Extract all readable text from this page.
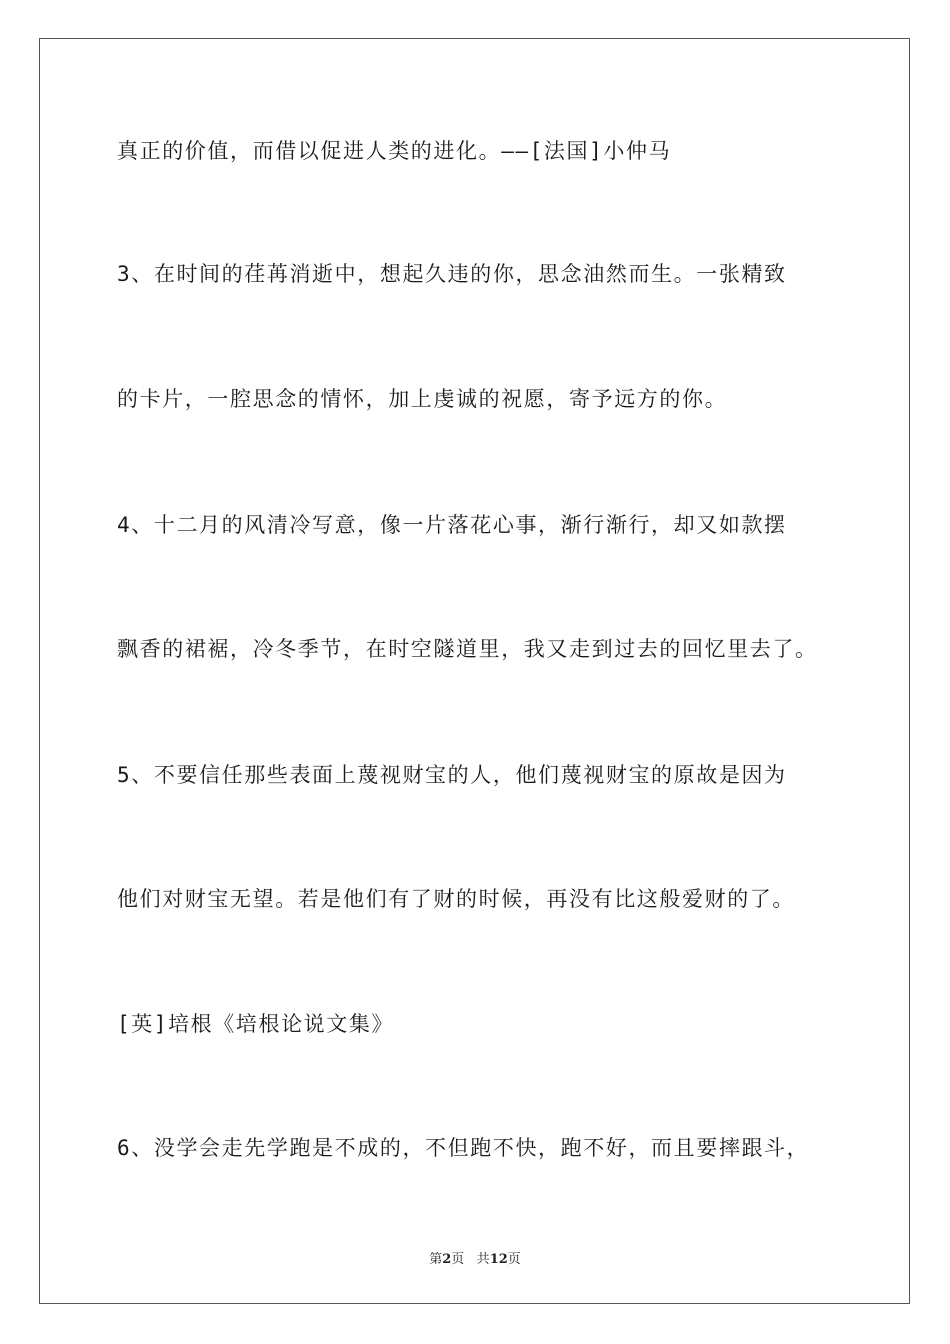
真正的价值，而借以促进人类的进化。——[法国]小仲马
3、在时间的荏苒消逝中，想起久违的你，思念油然而生。一张精致
的卡片，一腔思念的情怀，加上虔诚的祝愿，寄予远方的你。
4、十二月的风清冷写意，像一片落花心事，渐行渐行，却又如款摆
飘香的裙裾，冷冬季节，在时空隧道里，我又走到过去的回忆里去了。
5、不要信任那些表面上蔑视财宝的人，他们蔑视财宝的原故是因为
他们对财宝无望。若是他们有了财的时候，再没有比这般爱财的了。
[英]培根《培根论说文集》
6、没学会走先学跑是不成的，不但跑不快，跑不好，而且要摔跟斗，
第2页 共12页
